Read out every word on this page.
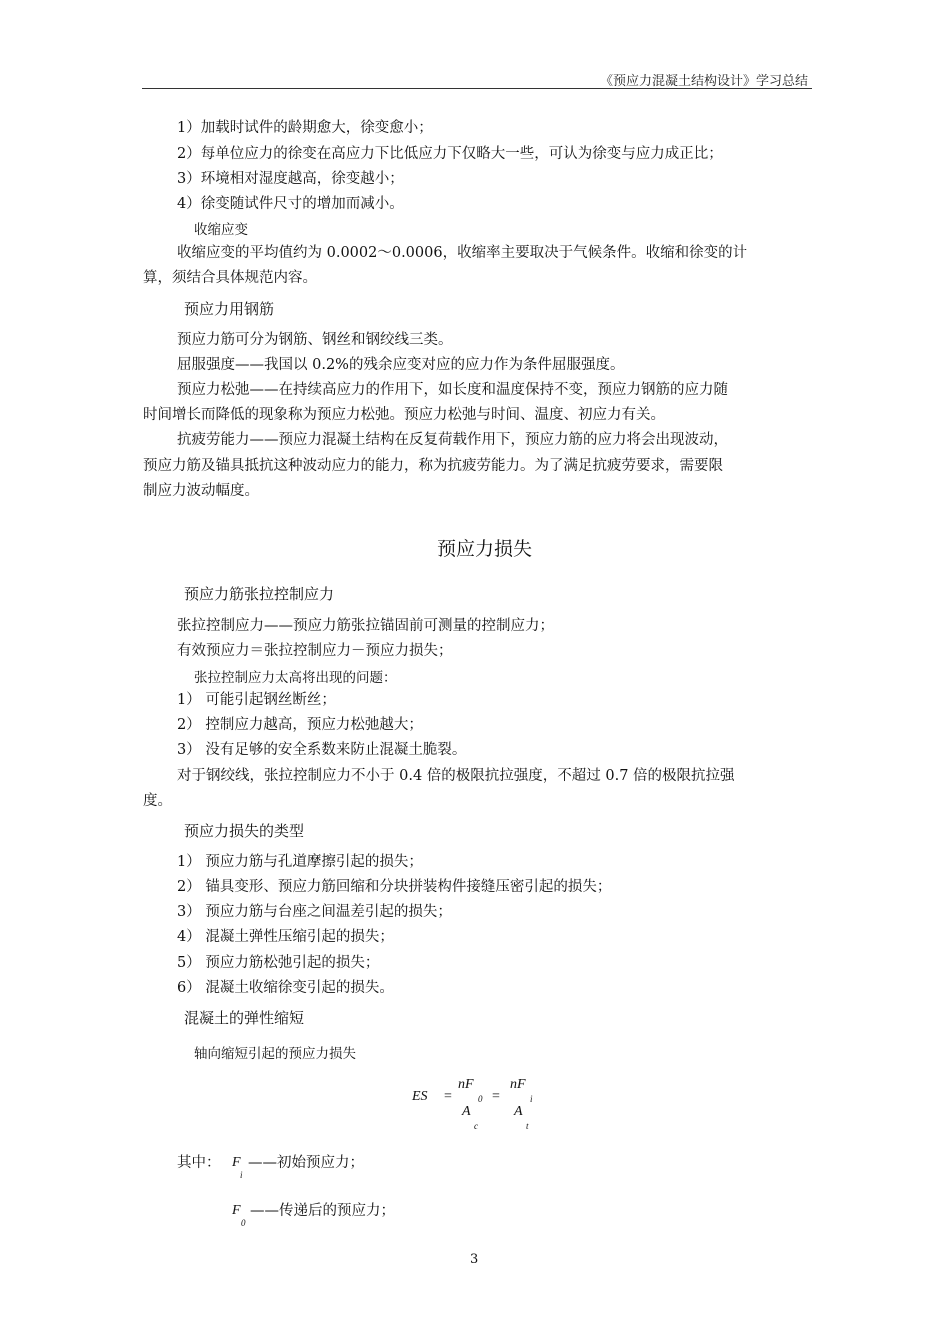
《预应力混凝土结构设计》学习总结
1）加载时试件的龄期愈大，徐变愈小；
2）每单位应力的徐变在高应力下比低应力下仅略大一些，可认为徐变与应力成正比；
3）环境相对湿度越高，徐变越小；
4）徐变随试件尺寸的增加而减小。
收缩应变
收缩应变的平均值约为 0.0002～0.0006，收缩率主要取决于气候条件。收缩和徐变的计
算，须结合具体规范内容。
预应力用钢筋
预应力筋可分为钢筋、钢丝和钢绞线三类。
屈服强度——我国以 0.2%的残余应变对应的应力作为条件屈服强度。
预应力松弛——在持续高应力的作用下，如长度和温度保持不变，预应力钢筋的应力随
时间增长而降低的现象称为预应力松弛。预应力松弛与时间、温度、初应力有关。
抗疲劳能力——预应力混凝土结构在反复荷载作用下，预应力筋的应力将会出现波动，
预应力筋及锚具抵抗这种波动应力的能力，称为抗疲劳能力。为了满足抗疲劳要求，需要限
制应力波动幅度。
预应力损失
预应力筋张拉控制应力
张拉控制应力——预应力筋张拉锚固前可测量的控制应力；
有效预应力＝张拉控制应力－预应力损失；
张拉控制应力太高将出现的问题：
1） 可能引起钢丝断丝；
2） 控制应力越高，预应力松弛越大；
3） 没有足够的安全系数来防止混凝土脆裂。
对于钢绞线，张拉控制应力不小于 0.4 倍的极限抗拉强度，不超过 0.7 倍的极限抗拉强
度。
预应力损失的类型
1） 预应力筋与孔道摩擦引起的损失；
2） 锚具变形、预应力筋回缩和分块拼装构件接缝压密引起的损失；
3） 预应力筋与台座之间温差引起的损失；
4） 混凝土弹性压缩引起的损失；
5） 预应力筋松弛引起的损失；
6） 混凝土收缩徐变引起的损失。
混凝土的弹性缩短
轴向缩短引起的预应力损失
ES =
nF
0
A
c
=
nF
i
A
t
其中： F
i
——初始预应力；
F
0
——传递后的预应力；
3
